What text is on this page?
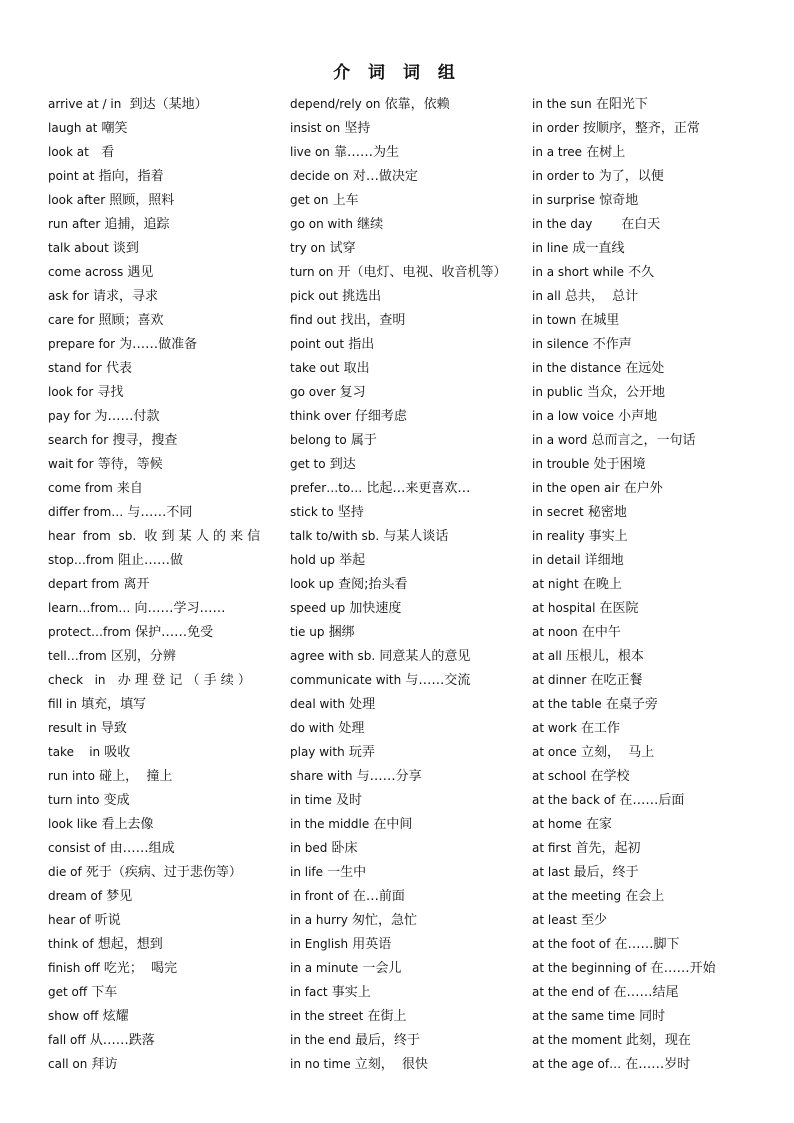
介 词 词 组
arrive at / in  到达（某地）
laugh at 嘲笑
look at   看
point at 指向，指着
look after 照顾，照料
run after 追捕，追踪
talk about 谈到
come across 遇见
ask for 请求，寻求
care for 照顾；喜欢
prepare for 为……做准备
stand for 代表
look for 寻找
pay for 为……付款
search for 搜寻，搜查
wait for 等待，等候
come from 来自
differ from… 与……不同
hear  from  sb.  收 到 某 人 的 来 信
stop…from 阻止……做
depart from 离开
learn…from… 向……学习……
protect…from 保护……免受
tell…from 区别，分辨
check   in   办 理 登 记 （ 手 续 ）
fill in 填充，填写
result in 导致
take    in 吸收
run into 碰上，  撞上
turn into 变成
look like 看上去像
consist of 由……组成
die of 死于（疾病、过于悲伤等）
dream of 梦见
hear of 听说
think of 想起，想到
finish off 吃光；  喝完
get off 下车
show off 炫耀
fall off 从……跌落
call on 拜访
depend/rely on 依靠，依赖
insist on 坚持
live on 靠……为生
decide on 对…做决定
get on 上车
go on with 继续
try on 试穿
turn on 开（电灯、电视、收音机等）
pick out 挑选出
find out 找出，查明
point out 指出
take out 取出
go over 复习
think over 仔细考虑
belong to 属于
get to 到达
prefer…to… 比起…来更喜欢…
stick to 坚持
talk to/with sb. 与某人谈话
hold up 举起
look up 查阅;抬头看
speed up 加快速度
tie up 捆绑
agree with sb. 同意某人的意见
communicate with 与……交流
deal with 处理
do with 处理
play with 玩弄
share with 与……分享
in time 及时
in the middle 在中间
in bed 卧床
in life 一生中
in front of 在…前面
in a hurry 匆忙，急忙
in English 用英语
in a minute 一会儿
in fact 事实上
in the street 在街上
in the end 最后，终于
in no time 立刻，  很快
in the sun 在阳光下
in order 按顺序，整齐，正常
in a tree 在树上
in order to 为了，以便
in surprise 惊奇地
in the day       在白天
in line 成一直线
in a short while 不久
in all 总共，  总计
in town 在城里
in silence 不作声
in the distance 在远处
in public 当众，公开地
in a low voice 小声地
in a word 总而言之，一句话
in trouble 处于困境
in the open air 在户外
in secret 秘密地
in reality 事实上
in detail 详细地
at night 在晚上
at hospital 在医院
at noon 在中午
at all 压根儿，根本
at dinner 在吃正餐
at the table 在桌子旁
at work 在工作
at once 立刻，  马上
at school 在学校
at the back of 在……后面
at home 在家
at first 首先，起初
at last 最后，终于
at the meeting 在会上
at least 至少
at the foot of 在……脚下
at the beginning of 在……开始
at the end of 在……结尾
at the same time 同时
at the moment 此刻，现在
at the age of… 在……岁时
